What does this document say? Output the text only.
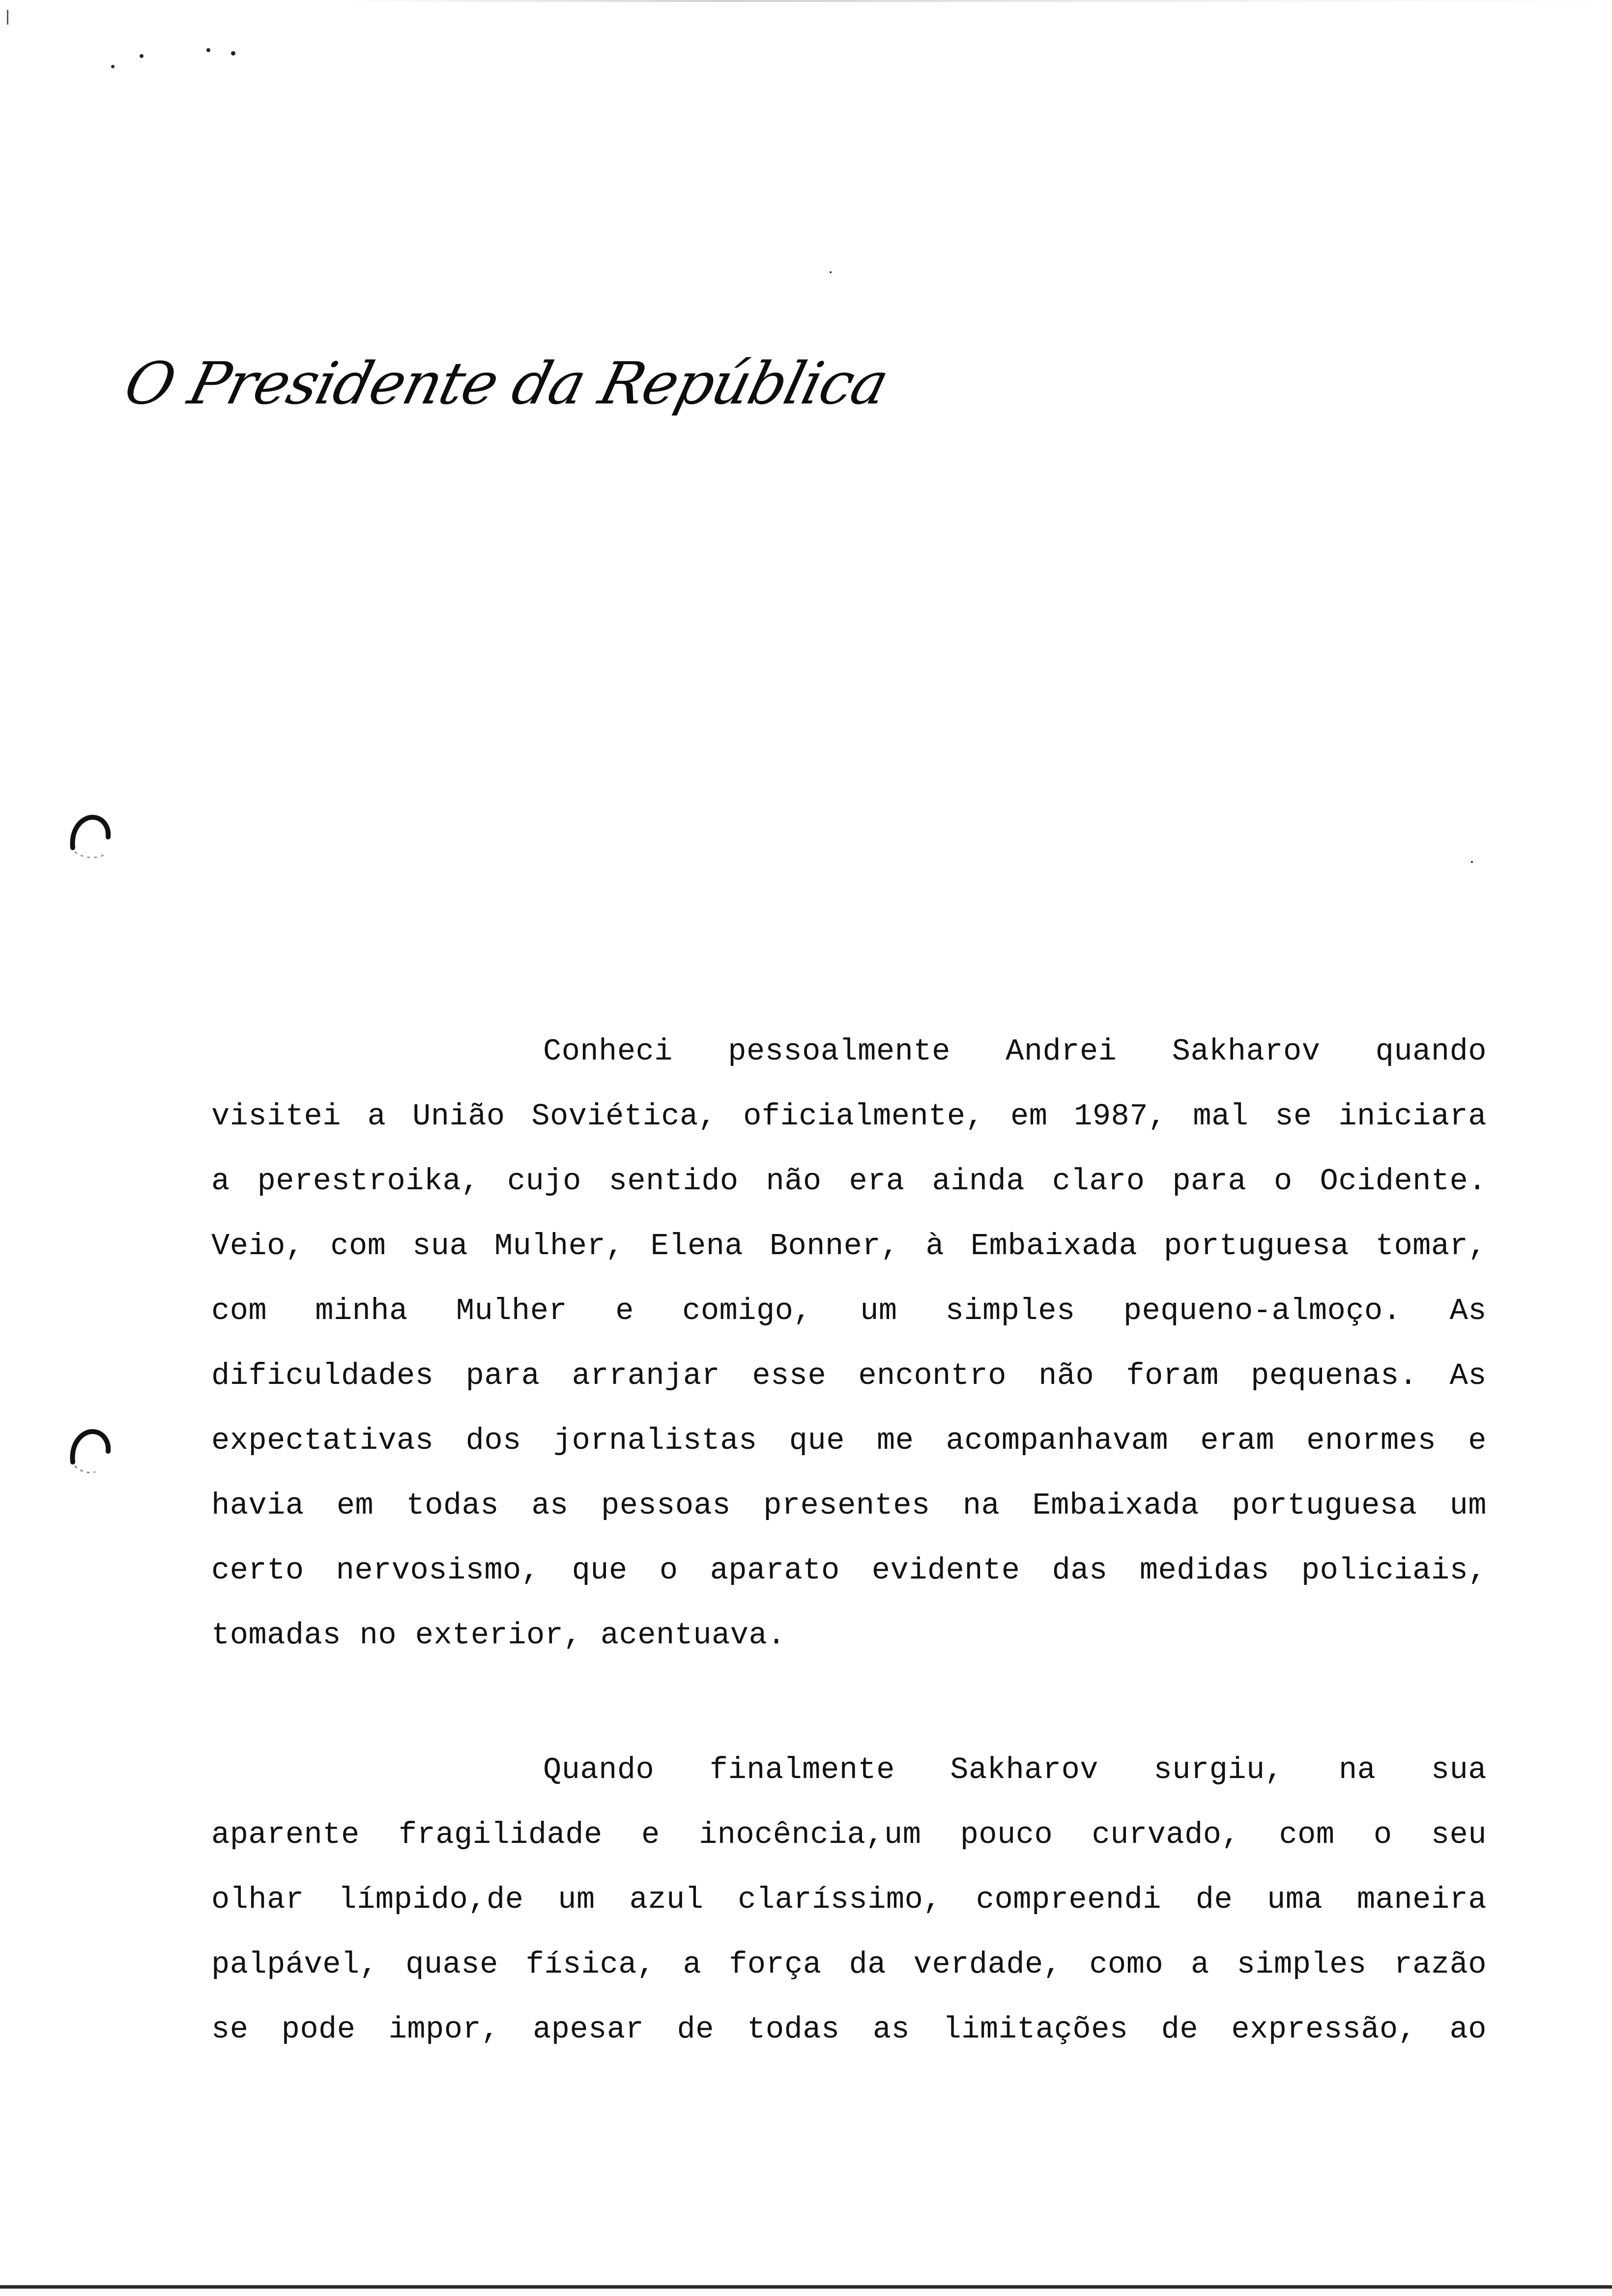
O Presidente da República
Conheci pessoalmente Andrei Sakharov quando
visitei a União Soviética, oficialmente, em 1987, mal se iniciara
a perestroika, cujo sentido não era ainda claro para o Ocidente.
Veio, com sua Mulher, Elena Bonner, à Embaixada portuguesa tomar,
com minha Mulher e comigo, um simples pequeno-almoço. As
dificuldades para arranjar esse encontro não foram pequenas. As
expectativas dos jornalistas que me acompanhavam eram enormes e
havia em todas as pessoas presentes na Embaixada portuguesa um
certo nervosismo, que o aparato evidente das medidas policiais,
tomadas no exterior, acentuava.
Quando finalmente Sakharov surgiu, na sua
aparente fragilidade e inocência,um pouco curvado, com o seu
olhar límpido,de um azul claríssimo, compreendi de uma maneira
palpável, quase física, a força da verdade, como a simples razão
se pode impor, apesar de todas as limitações de expressão, ao
